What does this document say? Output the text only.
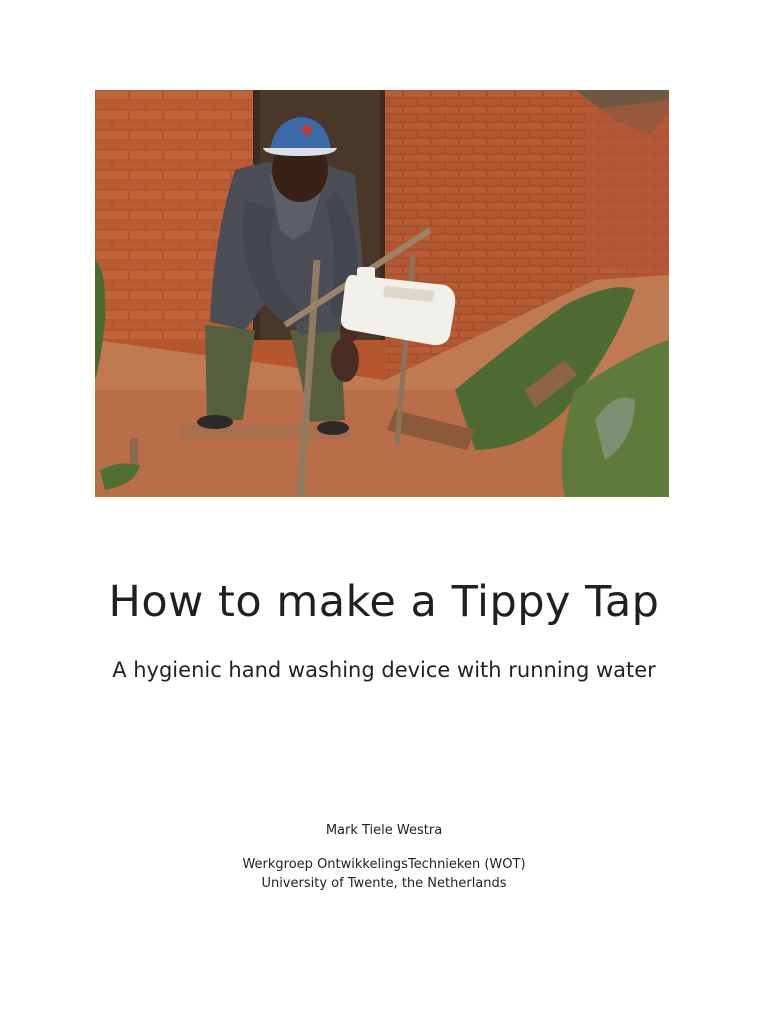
How to make a Tippy Tap
A hygienic hand washing device with running water
Mark Tiele Westra
Werkgroep OntwikkelingsTechnieken (WOT)
University of Twente, the Netherlands
